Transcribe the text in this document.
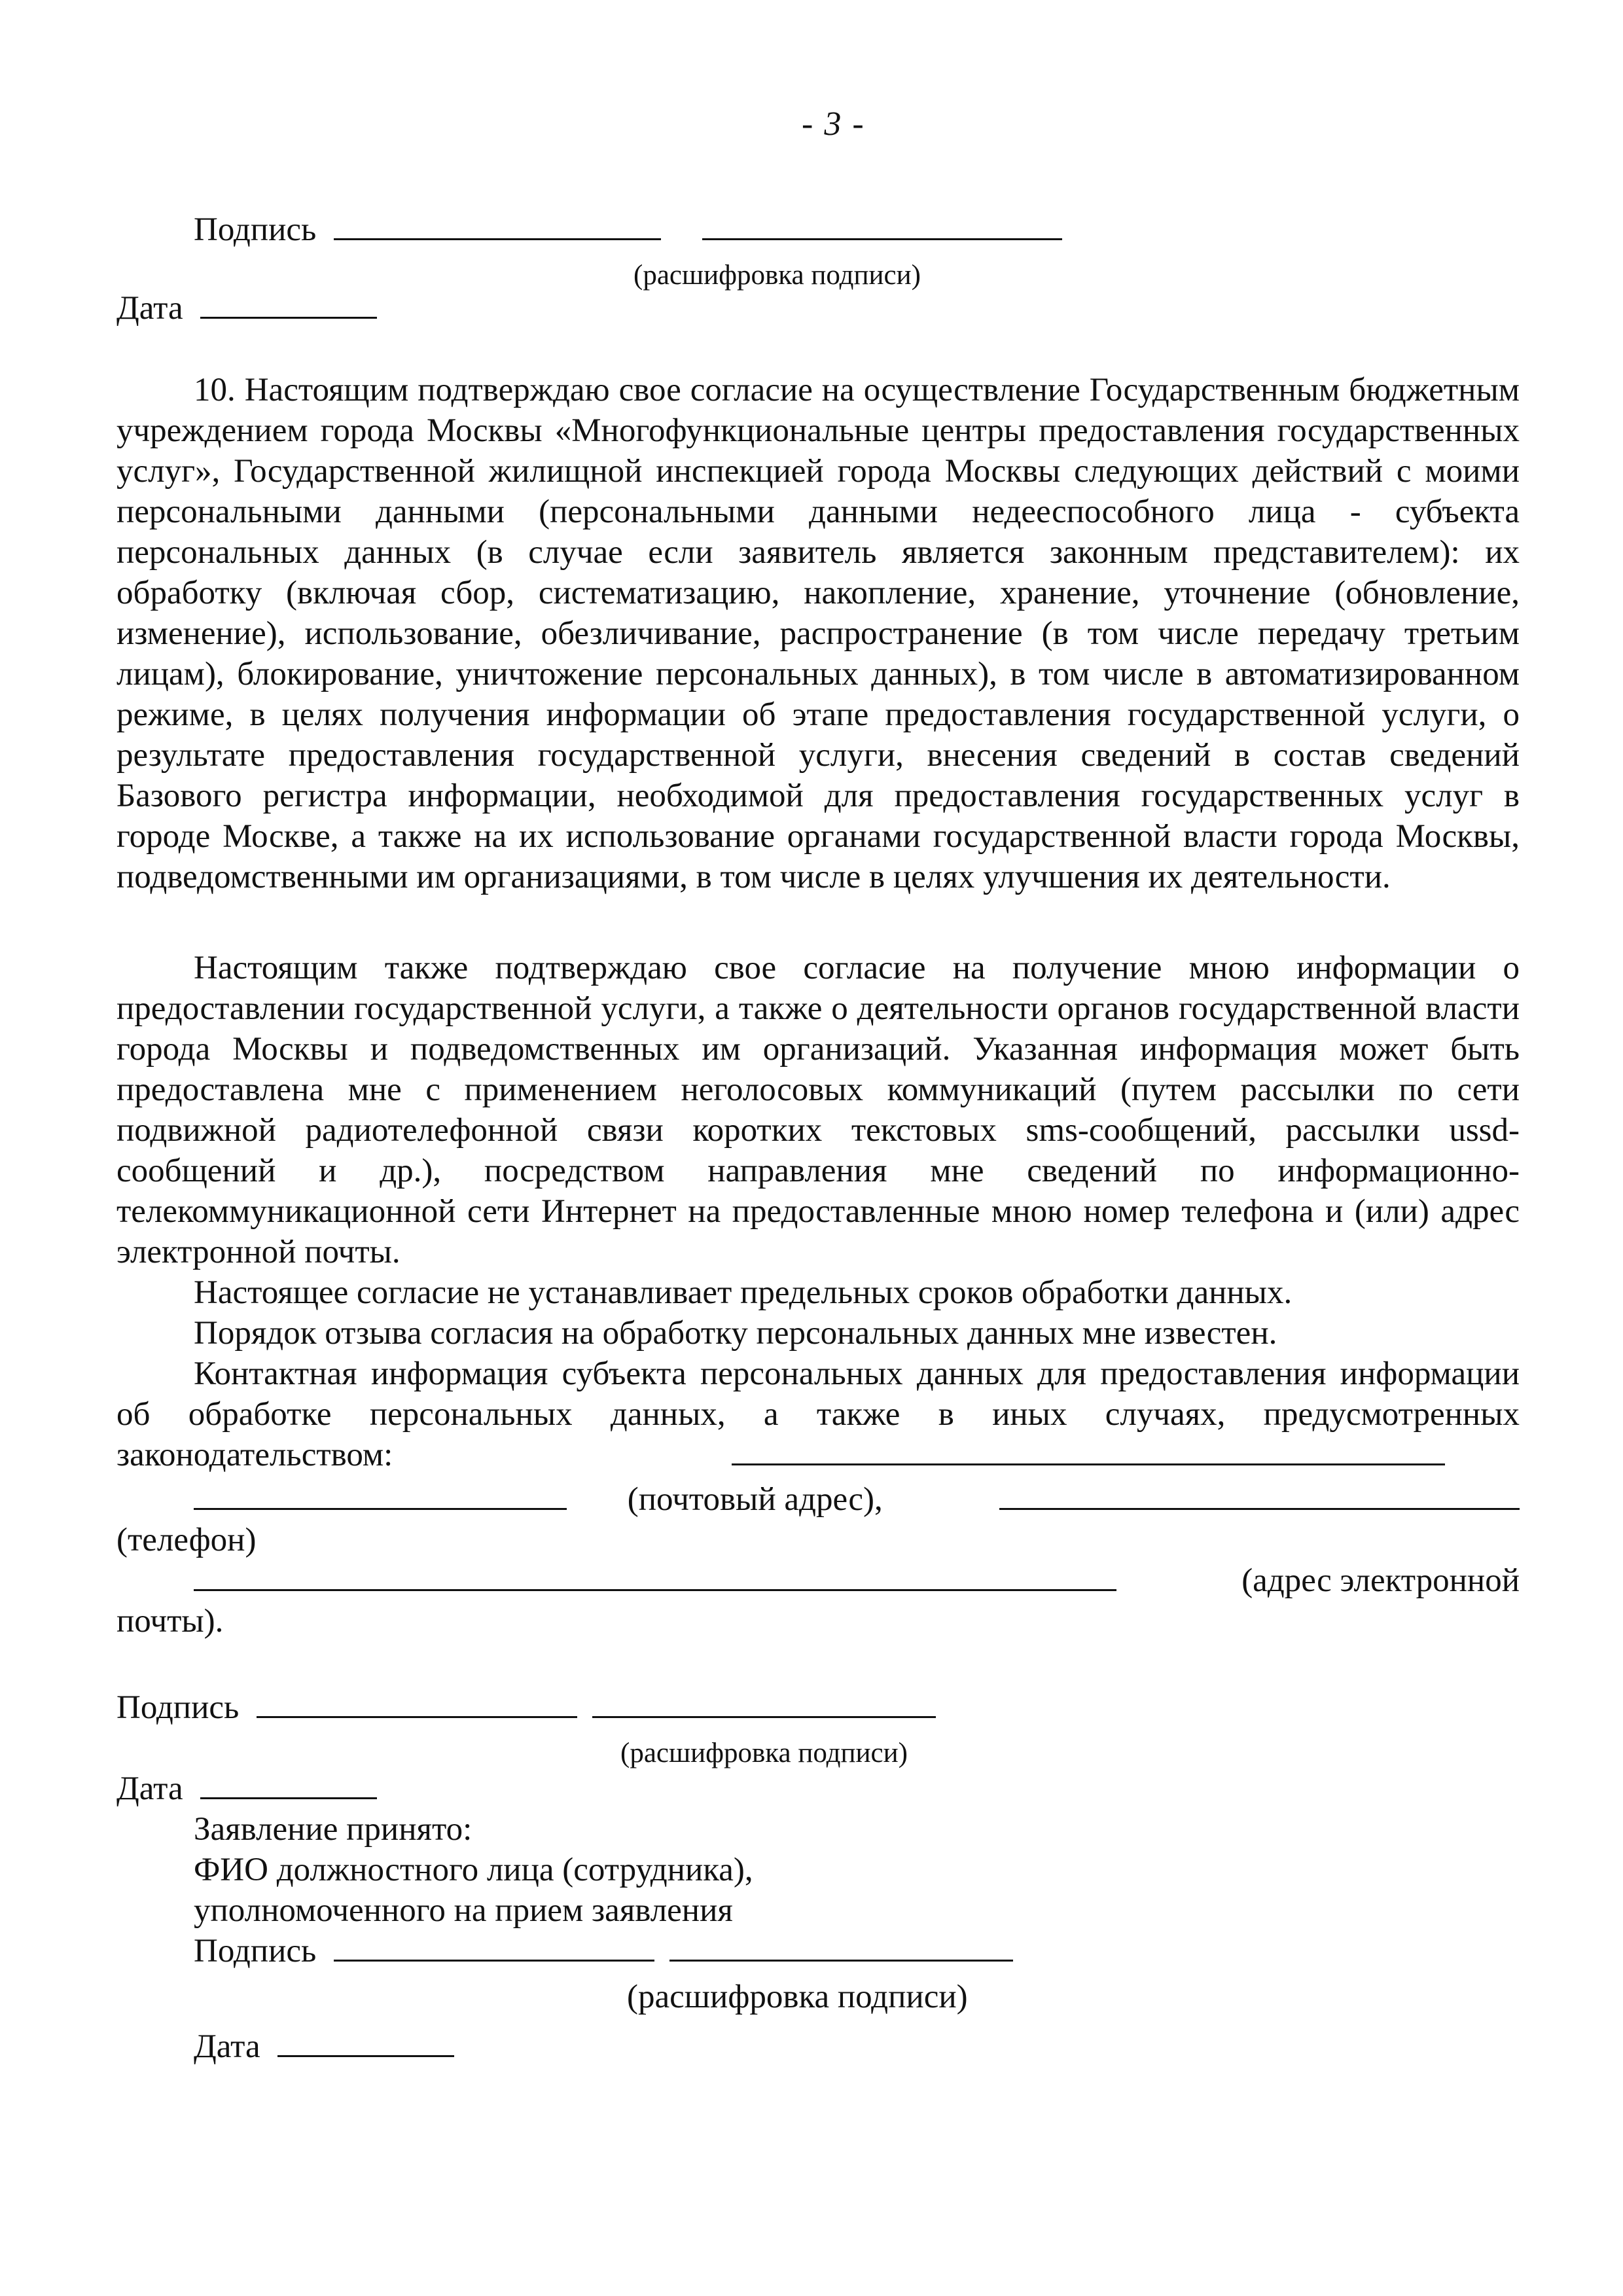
- 3 -
Подпись
(расшифровка подписи)
Дата
10. Настоящим подтверждаю свое согласие на осуществление Государственным бюджетным учреждением города Москвы «Многофункциональные центры предоставления государственных услуг», Государственной жилищной инспекцией города Москвы следующих действий с моими персональными данными (персональными данными недееспособного лица - субъекта персональных данных (в случае если заявитель является законным представителем): их обработку (включая сбор, систематизацию, накопление, хранение, уточнение (обновление, изменение), использование, обезличивание, распространение (в том числе передачу третьим лицам), блокирование, уничтожение персональных данных), в том числе в автоматизированном режиме, в целях получения информации об этапе предоставления государственной услуги, о результате предоставления государственной услуги, внесения сведений в состав сведений Базового регистра информации, необходимой для предоставления государственных услуг в городе Москве, а также на их использование органами государственной власти города Москвы, подведомственными им организациями, в том числе в целях улучшения их деятельности.
Настоящим также подтверждаю свое согласие на получение мною информации о предоставлении государственной услуги, а также о деятельности органов государственной власти города Москвы и подведомственных им организаций. Указанная информация может быть предоставлена мне с применением неголосовых коммуникаций (путем рассылки по сети подвижной радиотелефонной связи коротких текстовых sms-сообщений, рассылки ussd-сообщений и др.), посредством направления мне сведений по информационно-телекоммуникационной сети Интернет на предоставленные мною номер телефона и (или) адрес электронной почты.
Настоящее согласие не устанавливает предельных сроков обработки данных.
Порядок отзыва согласия на обработку персональных данных мне известен.
Контактная информация субъекта персональных данных для предоставления информации об обработке персональных данных, а также в иных случаях, предусмотренных законодательством:
(почтовый адрес),
(телефон)
(адрес электронной
почты).
Подпись
(расшифровка подписи)
Дата
Заявление принято:
ФИО должностного лица (сотрудника),
уполномоченного на прием заявления
Подпись
(расшифровка подписи)
Дата
